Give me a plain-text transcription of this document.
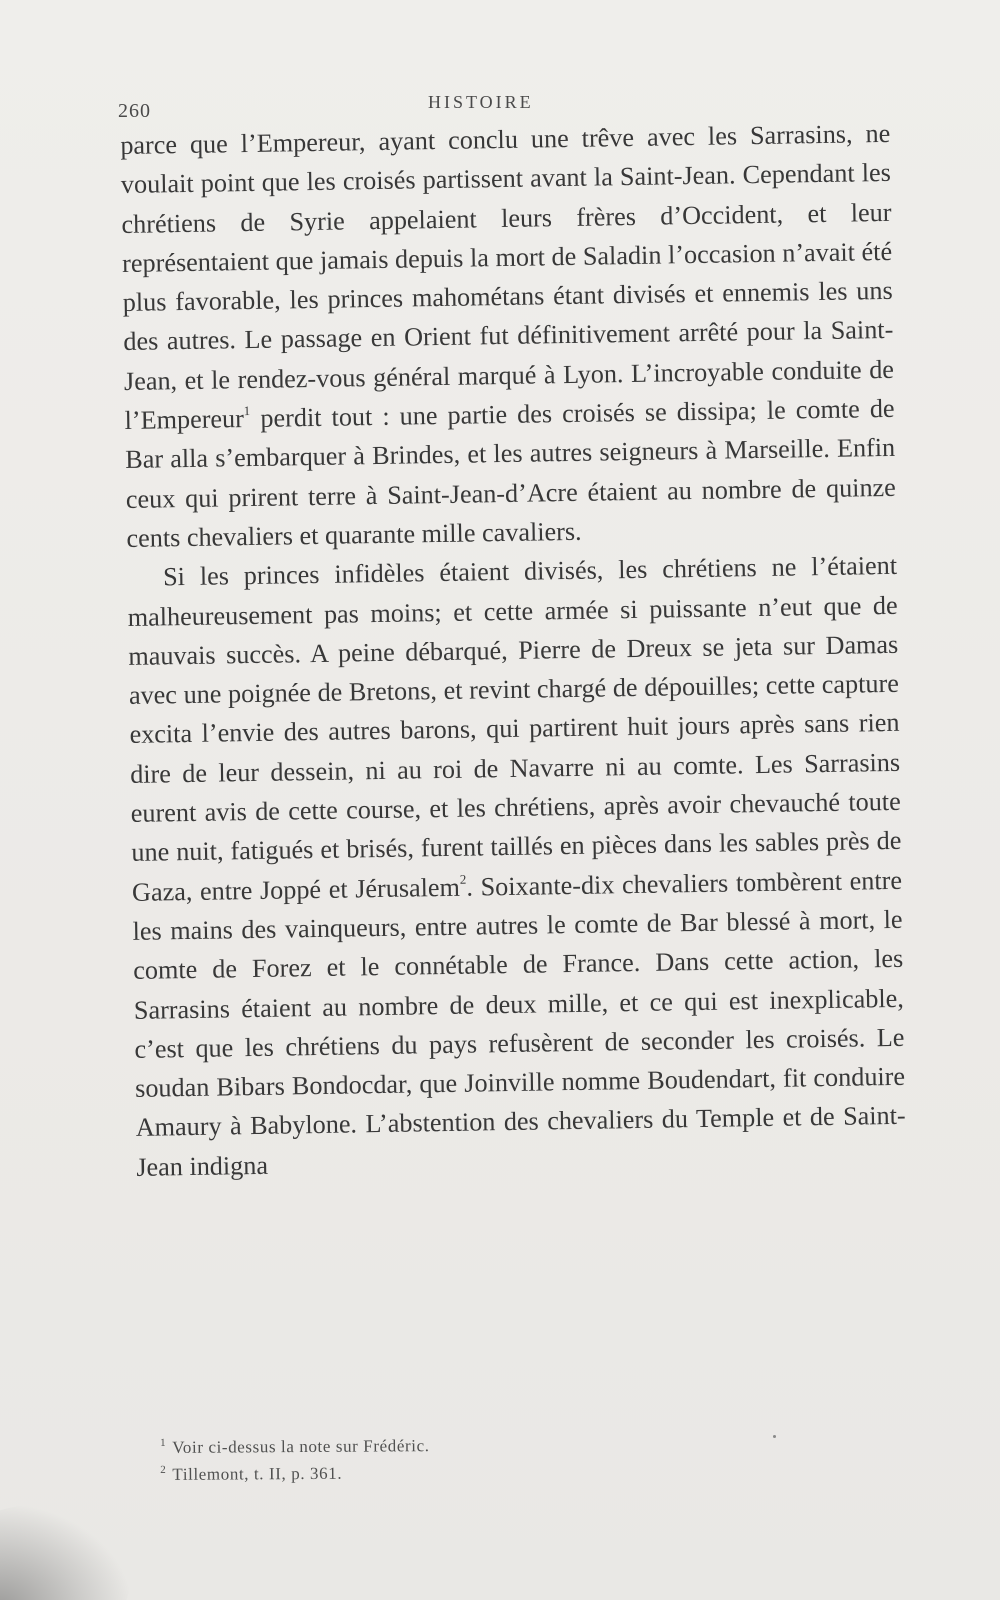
260	HISTOIRE

parce que l’Empereur, ayant conclu une trêve avec les Sarrasins, ne voulait point que les croisés partissent avant la Saint-Jean. Cependant les chrétiens de Syrie appelaient leurs frères d’Occident, et leur représentaient que jamais depuis la mort de Saladin l’occasion n’avait été plus favorable, les princes mahométans étant divisés et ennemis les uns des autres. Le passage en Orient fut définitivement arrêté pour la Saint-Jean, et le rendez-vous général marqué à Lyon. L’incroyable conduite de l’Empereur$^1$ perdit tout : une partie des croisés se dissipa; le comte de Bar alla s’embarquer à Brindes, et les autres seigneurs à Marseille. Enfin ceux qui prirent terre à Saint-Jean-d’Acre étaient au nombre de quinze cents chevaliers et quarante mille cavaliers.

Si les princes infidèles étaient divisés, les chrétiens ne l’étaient malheureusement pas moins; et cette armée si puissante n’eut que de mauvais succès. A peine débarqué, Pierre de Dreux se jeta sur Damas avec une poignée de Bretons, et revint chargé de dépouilles; cette capture excita l’envie des autres barons, qui partirent huit jours après sans rien dire de leur dessein, ni au roi de Navarre ni au comte. Les Sarrasins eurent avis de cette course, et les chrétiens, après avoir chevauché toute une nuit, fatigués et brisés, furent taillés en pièces dans les sables près de Gaza, entre Joppé et Jérusalem$^2$. Soixante-dix chevaliers tombèrent entre les mains des vainqueurs, entre autres le comte de Bar blessé à mort, le comte de Forez et le connétable de France. Dans cette action, les Sarrasins étaient au nombre de deux mille, et ce qui est inexplicable, c’est que les chrétiens du pays refusèrent de seconder les croisés. Le soudan Bibars Bondocdar, que Joinville nomme Boudendart, fit conduire Amaury à Babylone. L’abstention des chevaliers du Temple et de Saint-Jean indigna

$^1$ Voir ci-dessus la note sur Frédéric.
$^2$ Tillemont, t. II, p. 361.
